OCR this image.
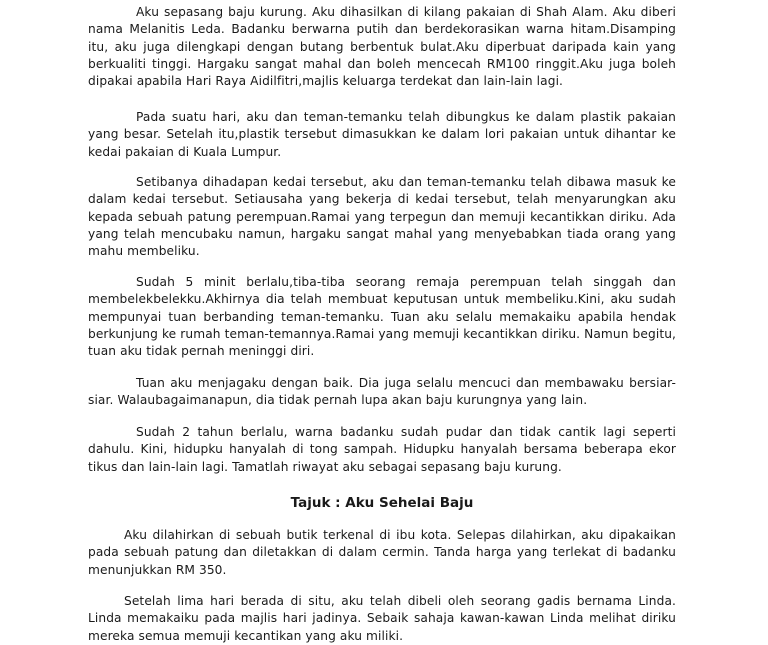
Aku sepasang baju kurung. Aku dihasilkan di kilang pakaian di Shah Alam. Aku diberi nama Melanitis Leda. Badanku berwarna putih dan berdekorasikan warna hitam.Disamping itu, aku juga dilengkapi dengan butang berbentuk bulat.Aku diperbuat daripada kain yang berkualiti tinggi. Hargaku sangat mahal dan boleh mencecah RM100 ringgit.Aku juga boleh dipakai apabila Hari Raya Aidilfitri,majlis keluarga terdekat dan lain-lain lagi.

Pada suatu hari, aku dan teman-temanku telah dibungkus ke dalam plastik pakaian yang besar. Setelah itu,plastik tersebut dimasukkan ke dalam lori pakaian untuk dihantar ke kedai pakaian di Kuala Lumpur.

Setibanya dihadapan kedai tersebut, aku dan teman-temanku telah dibawa masuk ke dalam kedai tersebut. Setiausaha yang bekerja di kedai tersebut, telah menyarungkan aku kepada sebuah patung perempuan.Ramai yang terpegun dan memuji kecantikkan diriku. Ada yang telah mencubaku namun, hargaku sangat mahal yang menyebabkan tiada orang yang mahu membeliku.

Sudah 5 minit berlalu,tiba-tiba seorang remaja perempuan telah singgah dan membelekbelekku.Akhirnya dia telah membuat keputusan untuk membeliku.Kini, aku sudah mempunyai tuan berbanding teman-temanku. Tuan aku selalu memakaiku apabila hendak berkunjung ke rumah teman-temannya.Ramai yang memuji kecantikkan diriku. Namun begitu, tuan aku tidak pernah meninggi diri.

Tuan aku menjagaku dengan baik. Dia juga selalu mencuci dan membawaku bersiar-siar. Walaubagaimanapun, dia tidak pernah lupa akan baju kurungnya yang lain.

Sudah 2 tahun berlalu, warna badanku sudah pudar dan tidak cantik lagi seperti dahulu. Kini, hidupku hanyalah di tong sampah. Hidupku hanyalah bersama beberapa ekor tikus dan lain-lain lagi. Tamatlah riwayat aku sebagai sepasang baju kurung.

Tajuk : Aku Sehelai Baju

Aku dilahirkan di sebuah butik terkenal di ibu kota. Selepas dilahirkan, aku dipakaikan pada sebuah patung dan diletakkan di dalam cermin. Tanda harga yang terlekat di badanku menunjukkan RM 350.

Setelah lima hari berada di situ, aku telah dibeli oleh seorang gadis bernama Linda. Linda memakaiku pada majlis hari jadinya. Sebaik sahaja kawan-kawan Linda melihat diriku mereka semua memuji kecantikan yang aku miliki.
